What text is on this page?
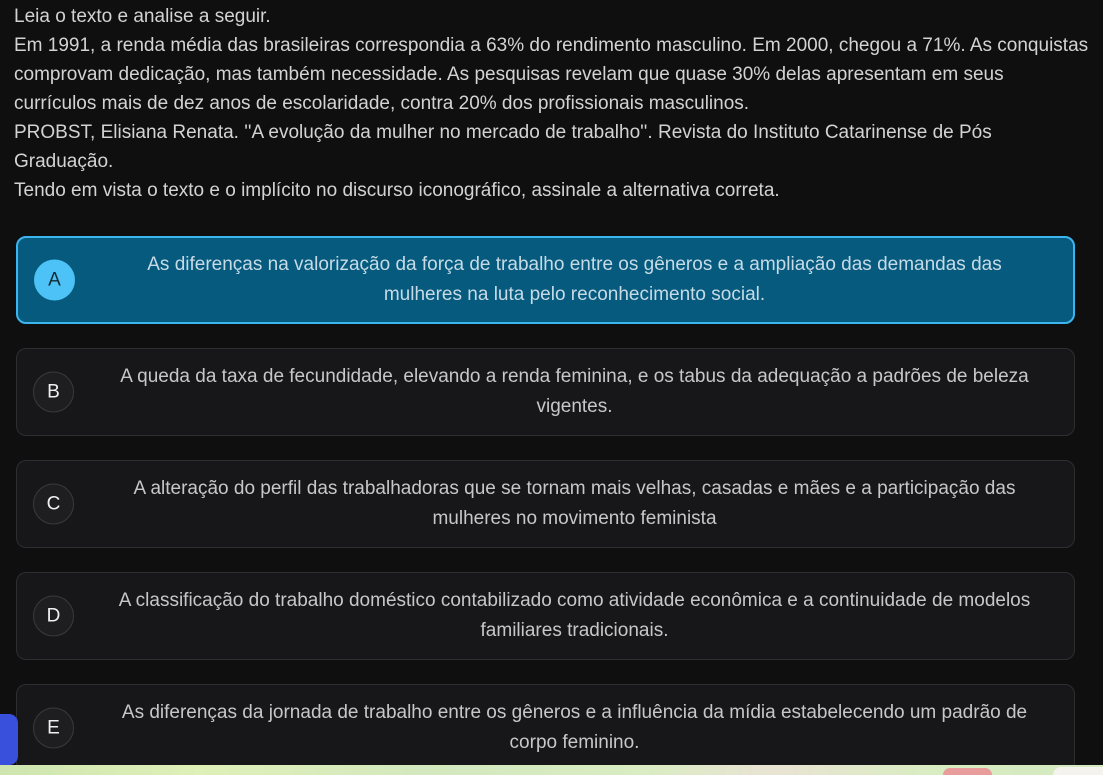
Leia o texto e analise a seguir.

Em 1991, a renda média das brasileiras correspondia a 63% do rendimento masculino. Em 2000, chegou a 71%. As conquistas comprovam dedicação, mas também necessidade. As pesquisas revelam que quase 30% delas apresentam em seus currículos mais de dez anos de escolaridade, contra 20% dos profissionais masculinos.

PROBST, Elisiana Renata. ''A evolução da mulher no mercado de trabalho''. Revista do Instituto Catarinense de Pós Graduação.

Tendo em vista o texto e o implícito no discurso iconográfico, assinale a alternativa correta.

A
As diferenças na valorização da força de trabalho entre os gêneros e a ampliação das demandas das mulheres na luta pelo reconhecimento social.
B
A queda da taxa de fecundidade, elevando a renda feminina, e os tabus da adequação a padrões de beleza vigentes.
C
A alteração do perfil das trabalhadoras que se tornam mais velhas, casadas e mães e a participação das mulheres no movimento feminista
D
A classificação do trabalho doméstico contabilizado como atividade econômica e a continuidade de modelos familiares tradicionais.
E
As diferenças da jornada de trabalho entre os gêneros e a influência da mídia estabelecendo um padrão de corpo feminino.
